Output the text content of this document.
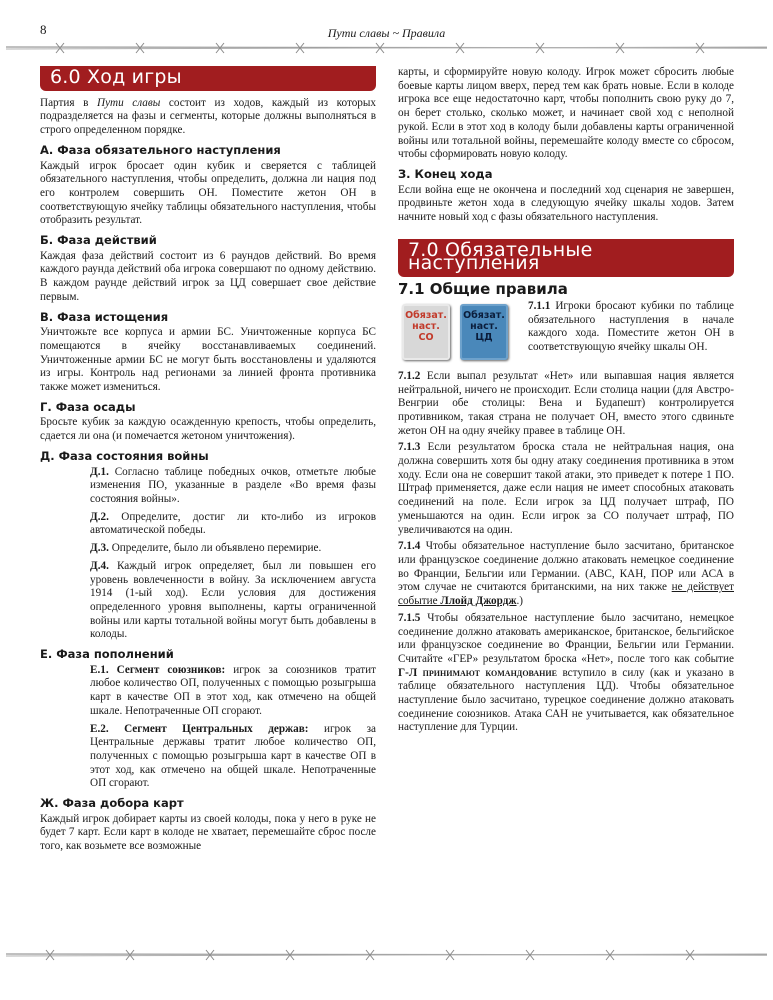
8	Пути славы ~ Правила
6.0 Ход игры

Партия в Пути славы состоит из ходов, каждый из которых подразделяется на фазы и сегменты, которые должны выполняться в строго определенном порядке.

А. Фаза обязательного наступления

Каждый игрок бросает один кубик и сверяется с таблицей обязательного наступления, чтобы определить, должна ли нация под его контролем совершить ОН. Поместите жетон ОН в соответствующую ячейку таблицы обязательного наступления, чтобы отобразить результат.

Б. Фаза действий

Каждая фаза действий состоит из 6 раундов действий. Во время каждого раунда действий оба игрока совершают по одному действию. В каждом раунде действий игрок за ЦД совершает свое действие первым.

В. Фаза истощения

Уничтожьте все корпуса и армии БС. Уничтоженные корпуса БС помещаются в ячейку восстанавливаемых соединений. Уничтоженные армии БС не могут быть восстановлены и удаляются из игры. Контроль над регионами за линией фронта противника также может измениться.

Г. Фаза осады

Бросьте кубик за каждую осажденную крепость, чтобы определить, сдается ли она (и помечается жетоном уничтожения).

Д. Фаза состояния войны

Д.1. Согласно таблице победных очков, отметьте любые изменения ПО, указанные в разделе «Во время фазы состояния войны».

Д.2. Определите, достиг ли кто-либо из игроков автоматической победы.

Д.3. Определите, было ли объявлено перемирие.

Д.4. Каждый игрок определяет, был ли повышен его уровень вовлеченности в войну. За исключением августа 1914 (1-ый ход). Если условия для достижения определенного уровня выполнены, карты ограниченной войны или карты тотальной войны могут быть добавлены в колоды.

Е. Фаза пополнений

Е.1. Сегмент союзников: игрок за союзников тратит любое количество ОП, полученных с помощью розыгрыша карт в качестве ОП в этот ход, как отмечено на общей шкале. Непотраченные ОП сгорают.

Е.2. Сегмент Центральных держав: игрок за Центральные державы тратит любое количество ОП, полученных с помощью розыгрыша карт в качестве ОП в этот ход, как отмечено на общей шкале. Непотраченные ОП сгорают.

Ж. Фаза добора карт

Каждый игрок добирает карты из своей колоды, пока у него в руке не будет 7 карт. Если карт в колоде не хватает, перемешайте сброс после того, как возьмете все возможные

карты, и сформируйте новую колоду. Игрок может сбросить любые боевые карты лицом вверх, перед тем как брать новые. Если в колоде игрока все еще недостаточно карт, чтобы пополнить свою руку до 7, он берет столько, сколько может, и начинает свой ход с неполной рукой. Если в этот ход в колоду были добавлены карты ограниченной войны или тотальной войны, перемешайте колоду вместе со сбросом, чтобы сформировать новую колоду.

З. Конец хода

Если война еще не окончена и последний ход сценария не завершен, продвиньте жетон хода в следующую ячейку шкалы ходов. Затем начните новый ход с фазы обязательного наступления.

7.0 Обязательные наступления
7.1 Общие правила
Обязат.
наст.
СО
Обязат.
наст.
ЦД

7.1.1 Игроки бросают кубики по таблице обязательного наступления в начале каждого хода. Поместите жетон ОН в соответствующую ячейку шкалы ОН.

7.1.2 Если выпал результат «Нет» или выпавшая нация является нейтральной, ничего не происходит. Если столица нации (для Австро-Венгрии обе столицы: Вена и Будапешт) контролируется противником, такая страна не получает ОН, вместо этого сдвиньте жетон ОН на одну ячейку правее в таблице ОН.

7.1.3 Если результатом броска стала не нейтральная нация, она должна совершить хотя бы одну атаку соединения противника в этом ходу. Если она не совершит такой атаки, это приведет к потере 1 ПО. Штраф применяется, даже если нация не имеет способных атаковать соединений на поле. Если игрок за ЦД получает штраф, ПО уменьшаются на один. Если игрок за СО получает штраф, ПО увеличиваются на один.

7.1.4 Чтобы обязательное наступление было засчитано, британское или французское соединение должно атаковать немецкое соединение во Франции, Бельгии или Германии. (АВС, КАН, ПОР или АСА в этом случае не считаются британскими, на них также не действует событие Ллойд Джордж.)

7.1.5 Чтобы обязательное наступление было засчитано, немецкое соединение должно атаковать американское, британское, бельгийское или французское соединение во Франции, Бельгии или Германии. Считайте «ГЕР» результатом броска «Нет», после того как событие Г-Л принимают командование вступило в силу (как и указано в таблице обязательного наступления ЦД). Чтобы обязательное наступление было засчитано, турецкое соединение должно атаковать соединение союзников. Атака САН не учитывается, как обязательное наступление для Турции.
